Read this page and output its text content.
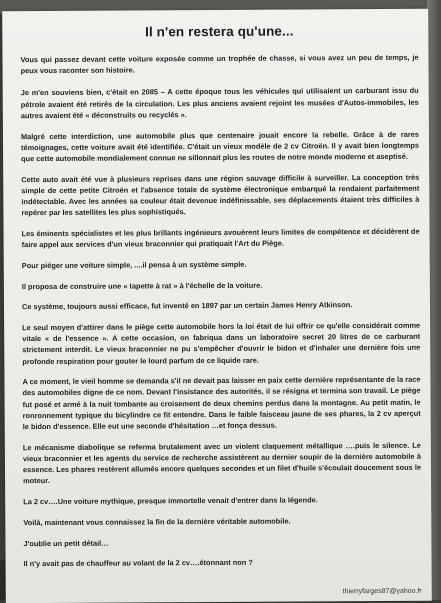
Il n'en restera qu'une...

Vous qui passez devant cette voiture exposée comme un trophée de chasse, si vous avez un peu de temps, je peux vous raconter son histoire.

Je m'en souviens bien, c'était en 2085 – A cette époque tous les véhicules qui utilisaient un carburant issu du pétrole avaient été retirés de la circulation. Les plus anciens avaient rejoint les musées d'Autos-immobiles, les autres avaient été « déconstruits ou recyclés ».

Malgré cette interdiction, une automobile plus que centenaire jouait encore la rebelle. Grâce à de rares témoignages, cette voiture avait été identifiée. C'était un vieux modèle de 2 cv Citroën. Il y avait bien longtemps que cette automobile mondialement connue ne sillonnait plus les routes de notre monde moderne et aseptisé.

Cette auto avait été vue à plusieurs reprises dans une région sauvage difficile à surveiller. La conception très simple de cette petite Citroën et l'absence totale de système électronique embarqué la rendaient parfaitement indétectable. Avec les années sa couleur était devenue indéfinissable, ses déplacements étaient très difficiles à repérer par les satellites les plus sophistiqués.

Les éminents spécialistes et les plus brillants ingénieurs avouèrent leurs limites de compétence et décidèrent de faire appel aux services d'un vieux braconnier qui pratiquait l'Art du Piège.

Pour piéger une voiture simple, ....il pensa à un système simple.

Il proposa de construire une « tapette à rat » à l'échelle de la voiture.

Ce système, toujours aussi efficace, fut inventé en 1897 par un certain James Henry Atkinson.

Le seul moyen d'attirer dans le piège cette automobile hors la loi était de lui offrir ce qu'elle considérait comme vitale « de l'essence ». A cette occasion, on fabriqua dans un laboratoire secret 20 litres de ce carburant strictement interdit. Le vieux braconnier ne pu s'empêcher d'ouvrir le bidon et d'inhaler une dernière fois une profonde respiration pour gouter le lourd parfum de ce liquide rare.

A ce moment, le vieil homme se demanda s'il ne devait pas laisser en paix cette dernière représentante de la race des automobiles digne de ce nom. Devant l'insistance des autorités, il se résigna et termina son travail. Le piège fut posé et armé à la nuit tombante au croisement de deux chemins perdus dans la montagne. Au petit matin, le ronronnement typique du bicylindre ce fit entendre. Dans le faible faisceau jaune de ses phares, la 2 cv aperçut le bidon d'essence. Elle eut une seconde d'hésitation …et fonça dessus.

Le mécanisme diabolique se referma brutalement avec un violent claquement métallique ….puis le silence. Le vieux braconnier et les agents du service de recherche assistèrent au dernier soupir de la dernière automobile à essence. Les phares restèrent allumés encore quelques secondes et un filet d'huile s'écoulait doucement sous le moteur.

La 2 cv….Une voiture mythique, presque immortelle venait d'entrer dans la légende.

Voilà, maintenant vous connaissez la fin de la dernière véritable automobile.

J'oublie un petit détail…

Il n'y avait pas de chauffeur au volant de la 2 cv….étonnant non ?

thierryfarges87@yahoo.fr
